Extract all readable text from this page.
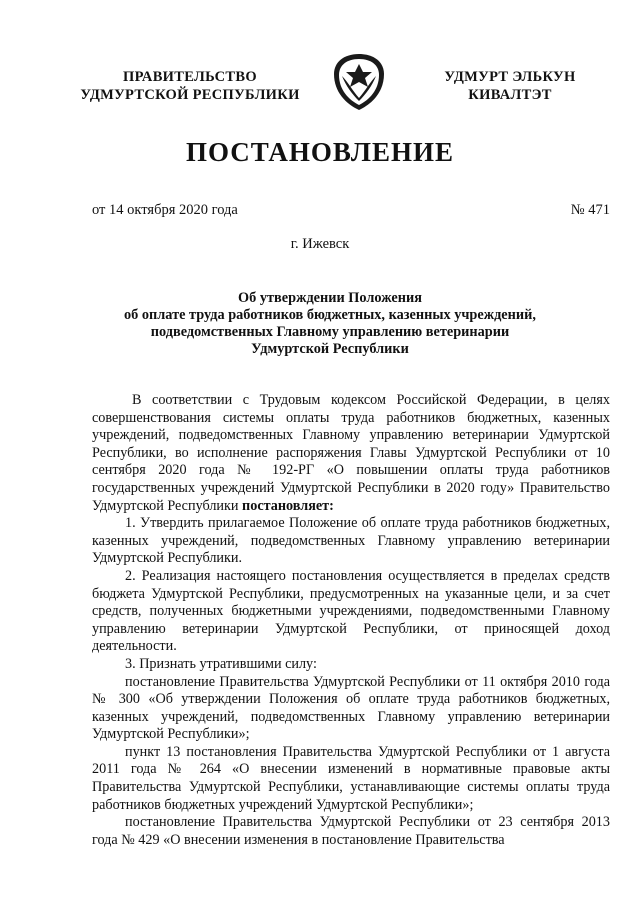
ПРАВИТЕЛЬСТВО
УДМУРТСКОЙ РЕСПУБЛИКИ
УДМУРТ ЭЛЬКУН
КИВАЛТЭТ
ПОСТАНОВЛЕНИЕ
от 14 октября 2020 года	№ 471
г. Ижевск
Об утверждении Положения
об оплате труда работников бюджетных, казенных учреждений,
подведомственных Главному управлению ветеринарии
Удмуртской Республики

В соответствии с Трудовым кодексом Российской Федерации, в целях совершенствования системы оплаты труда работников бюджетных, казенных учреждений, подведомственных Главному управлению ветеринарии Удмуртской Республики, во исполнение распоряжения Главы Удмуртской Республики от 10 сентября 2020 года № 192-РГ «О повышении оплаты труда работников государственных учреждений Удмуртской Республики в 2020 году» Правительство Удмуртской Республики постановляет:

1. Утвердить прилагаемое Положение об оплате труда работников бюджетных, казенных учреждений, подведомственных Главному управлению ветеринарии Удмуртской Республики.

2. Реализация настоящего постановления осуществляется в пределах средств бюджета Удмуртской Республики, предусмотренных на указанные цели, и за счет средств, полученных бюджетными учреждениями, подведомственными Главному управлению ветеринарии Удмуртской Республики, от приносящей доход деятельности.

3. Признать утратившими силу:

постановление Правительства Удмуртской Республики от 11 октября 2010 года № 300 «Об утверждении Положения об оплате труда работников бюджетных, казенных учреждений, подведомственных Главному управлению ветеринарии Удмуртской Республики»;

пункт 13 постановления Правительства Удмуртской Республики от 1 августа 2011 года № 264 «О внесении изменений в нормативные правовые акты Правительства Удмуртской Республики, устанавливающие системы оплаты труда работников бюджетных учреждений Удмуртской Республики»;

постановление Правительства Удмуртской Республики от 23 сентября 2013 года № 429 «О внесении изменения в постановление Правительства
